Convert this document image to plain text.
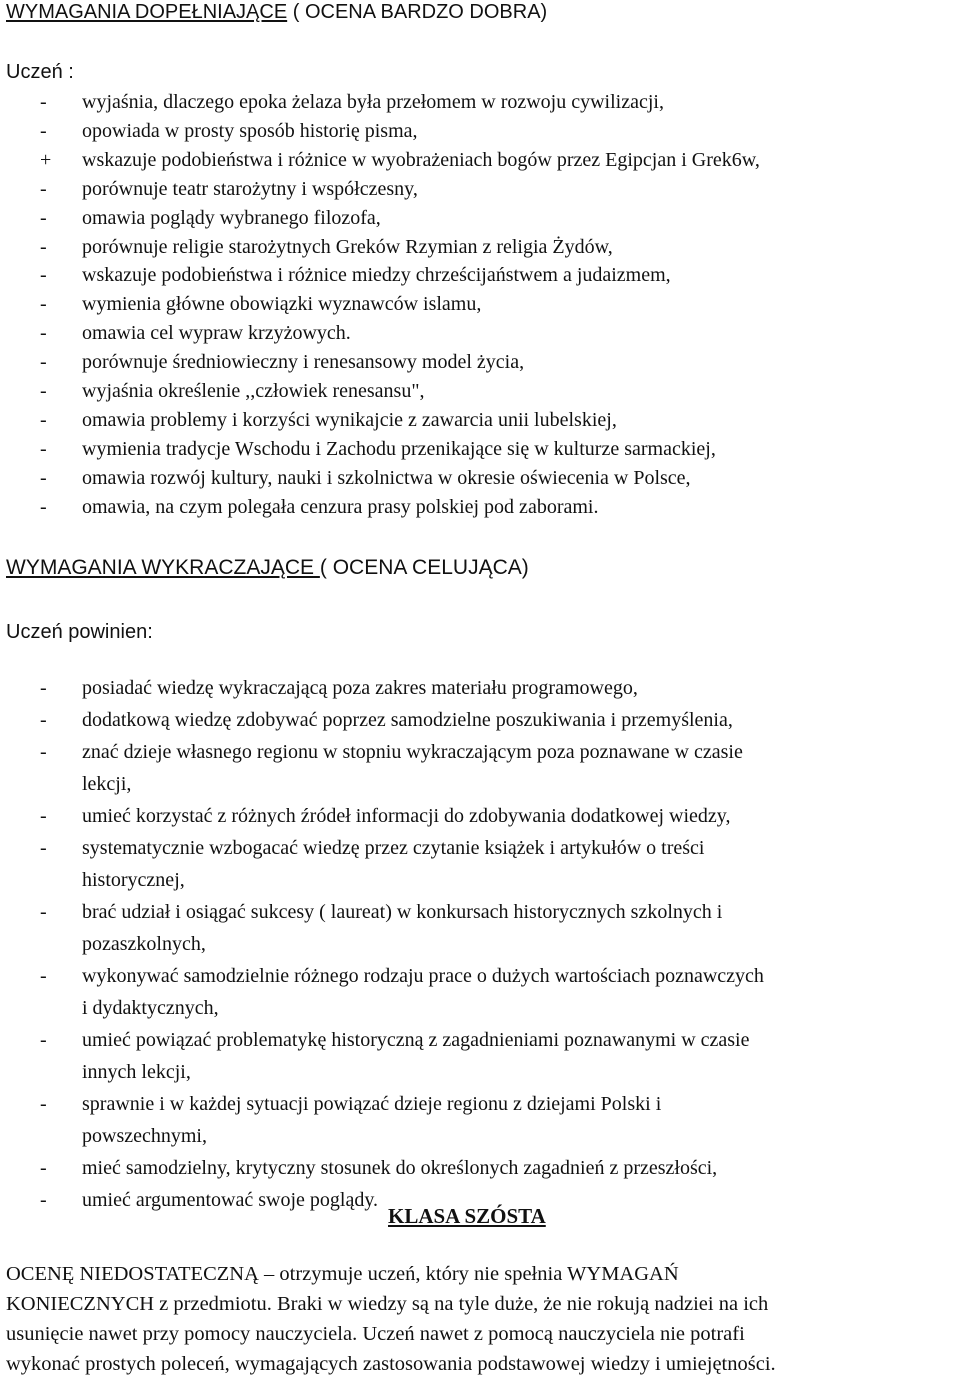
WYMAGANIA DOPEŁNIAJĄCE ( OCENA BARDZO DOBRA)
Uczeń :
- wyjaśnia, dlaczego epoka żelaza była przełomem w rozwoju cywilizacji,
- opowiada w prosty sposób historię pisma,
+ wskazuje podobieństwa i różnice w wyobrażeniach bogów przez Egipcjan i Grek6w,
- porównuje teatr starożytny i współczesny,
- omawia poglądy wybranego filozofa,
- porównuje religie starożytnych Greków Rzymian z religia Żydów,
- wskazuje podobieństwa i różnice miedzy chrześcijaństwem a judaizmem,
- wymienia główne obowiązki wyznawców islamu,
- omawia cel wypraw krzyżowych.
- porównuje średniowieczny i renesansowy model życia,
- wyjaśnia określenie ,,człowiek renesansu",
- omawia problemy i korzyści wynikajcie z zawarcia unii lubelskiej,
- wymienia tradycje Wschodu i Zachodu przenikające się w kulturze sarmackiej,
- omawia rozwój kultury, nauki i szkolnictwa w okresie oświecenia w Polsce,
- omawia, na czym polegała cenzura prasy polskiej pod zaborami.
WYMAGANIA WYKRACZAJĄCE ( OCENA CELUJĄCA)
Uczeń powinien:
- posiadać wiedzę wykraczającą poza zakres materiału programowego,
- dodatkową wiedzę zdobywać poprzez samodzielne poszukiwania i przemyślenia,
- znać dzieje własnego regionu w stopniu wykraczającym poza poznawane w czasie
lekcji,
- umieć korzystać z różnych źródeł informacji do zdobywania dodatkowej wiedzy,
- systematycznie wzbogacać wiedzę przez czytanie książek i artykułów o treści
historycznej,
- brać udział i osiągać sukcesy ( laureat) w konkursach historycznych szkolnych i
pozaszkolnych,
- wykonywać samodzielnie różnego rodzaju prace o dużych wartościach poznawczych
i dydaktycznych,
- umieć powiązać problematykę historyczną z zagadnieniami poznawanymi w czasie
innych lekcji,
- sprawnie i w każdej sytuacji powiązać dzieje regionu z dziejami Polski i
powszechnymi,
- mieć samodzielny, krytyczny stosunek do określonych zagadnień z przeszłości,
- umieć argumentować swoje poglądy.
KLASA SZÓSTA
OCENĘ NIEDOSTATECZNĄ – otrzymuje uczeń, który nie spełnia WYMAGAŃ
KONIECZNYCH z przedmiotu. Braki w wiedzy są na tyle duże, że nie rokują nadziei na ich
usunięcie nawet przy pomocy nauczyciela. Uczeń nawet z pomocą nauczyciela nie potrafi
wykonać prostych poleceń, wymagających zastosowania podstawowej wiedzy i umiejętności.
